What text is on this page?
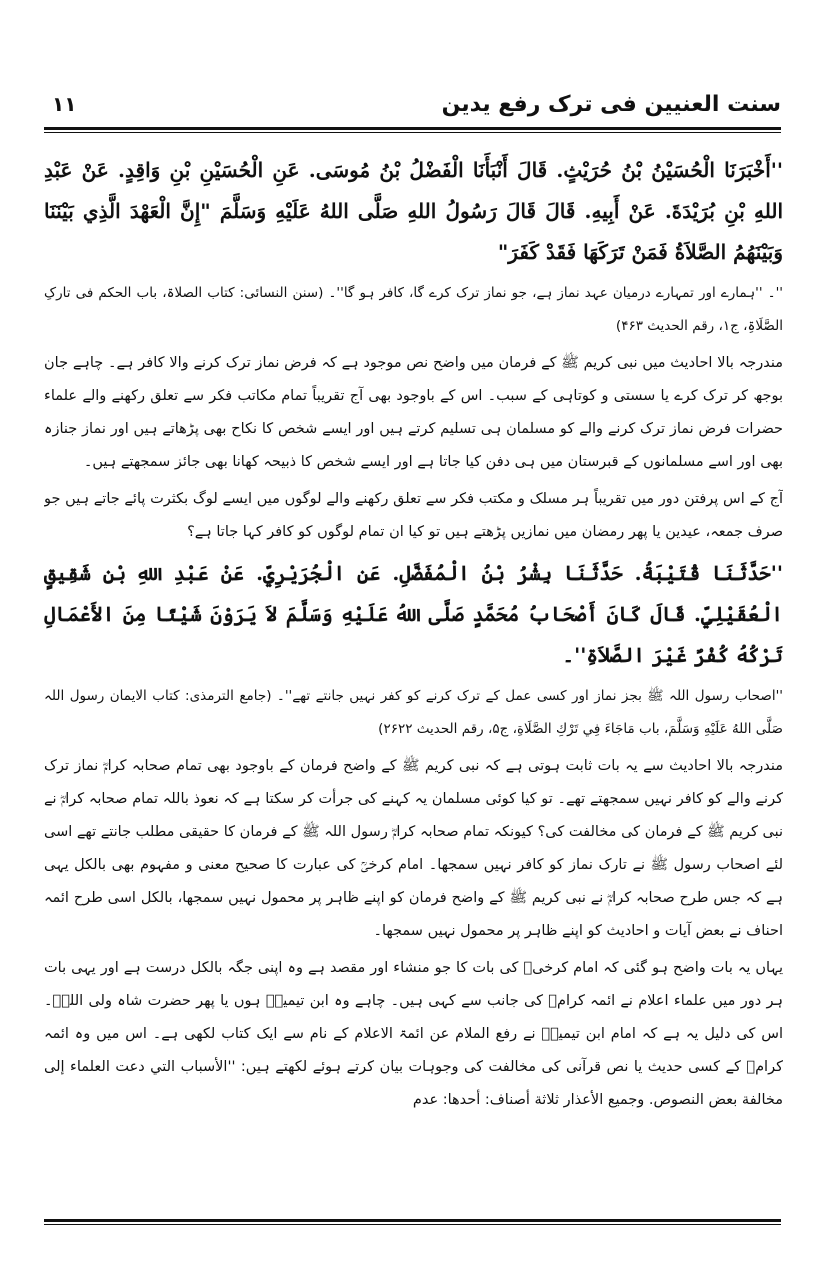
۱۱	سنت العنیین فی ترک رفع یدین

''أَخْبَرَنَا الْحُسَيْنُ بْنُ حُرَيْثٍ. قَالَ أَنْبَأَنَا الْفَضْلُ بْنُ مُوسَى. عَنِ الْحُسَيْنِ بْنِ وَاقِدٍ. عَنْ عَبْدِ اللهِ بْنِ بُرَيْدَةَ. عَنْ أَبِيهِ. قَالَ قَالَ رَسُولُ اللهِ صَلَّى اللهُ عَلَيْهِ وَسَلَّمَ "إِنَّ الْعَهْدَ الَّذِي بَيْنَنَا وَبَيْنَهُمُ الصَّلاَةُ فَمَنْ تَرَكَهَا فَقَدْ كَفَرَ"

''۔ ''ہمارے اور تمہارے درمیان عہد نماز ہے، جو نماز ترک کرے گا، کافر ہو گا''۔ (سنن النسائی: کتاب الصلاۃ، باب الحکم فی تارکِ الصَّلَاۃِ، ج۱، رقم الحدیث ۴۶۳)

مندرجہ بالا احادیث میں نبی کریم ﷺ کے فرمان میں واضح نص موجود ہے کہ فرض نماز ترک کرنے والا کافر ہے۔ چاہے جان بوجھ کر ترک کرے یا سستی و کوتاہی کے سبب۔ اس کے باوجود بھی آج تقریباً تمام مکاتب فکر سے تعلق رکھنے والے علماء حضرات فرض نماز ترک کرنے والے کو مسلمان ہی تسلیم کرتے ہیں اور ایسے شخص کا نکاح بھی پڑھاتے ہیں اور نماز جنازہ بھی اور اسے مسلمانوں کے قبرستان میں ہی دفن کیا جاتا ہے اور ایسے شخص کا ذبیحہ کھانا بھی جائز سمجھتے ہیں۔

آج کے اس پرفتن دور میں تقریباً ہر مسلک و مکتب فکر سے تعلق رکھنے والے لوگوں میں ایسے لوگ بکثرت پائے جاتے ہیں جو صرف جمعہ، عیدین یا پھر رمضان میں نمازیں پڑھتے ہیں تو کیا ان تمام لوگوں کو کافر کہا جاتا ہے؟

''حَدَّثَنَا قُتَيْبَةُ. حَدَّثَنَا بِشْرُ بْنُ الْمُفَضَّلِ. عَنِ الْجُرَيْرِيِّ. عَنْ عَبْدِ اللهِ بْنِ شَقِيقٍ الْعُقَيْلِيِّ. قَالَ كَانَ أَصْحَابُ مُحَمَّدٍ صَلَّى اللهُ عَلَيْهِ وَسَلَّمَ لاَ يَرَوْنَ شَيْئًا مِنَ الأَعْمَالِ تَرْكُهُ كُفْرٌ غَيْرَ الصَّلاَةِ''۔

''اصحاب رسول اللہ ﷺ بجز نماز اور کسی عمل کے ترک کرنے کو کفر نہیں جانتے تھے''۔ (جامع الترمذی: کتاب الایمان رسول اللہ صَلَّى اللهُ عَلَيْهِ وَسَلَّمَ، باب مَاجَاءَ فِي تَرْكِ الصَّلَاةِ، ج۵، رقم الحدیث ۲۶۲۲)

مندرجہ بالا احادیث سے یہ بات ثابت ہوتی ہے کہ نبی کریم ﷺ کے واضح فرمان کے باوجود بھی تمام صحابہ کرامؓ نماز ترک کرنے والے کو کافر نہیں سمجھتے تھے۔ تو کیا کوئی مسلمان یہ کہنے کی جرأت کر سکتا ہے کہ نعوذ باللہ تمام صحابہ کرامؓ نے نبی کریم ﷺ کے فرمان کی مخالفت کی؟ کیونکہ تمام صحابہ کرامؓ رسول اللہ ﷺ کے فرمان کا حقیقی مطلب جانتے تھے اسی لئے اصحاب رسول ﷺ نے تارک نماز کو کافر نہیں سمجھا۔ امام کرخیؒ کی عبارت کا صحیح معنی و مفہوم بھی بالکل یہی ہے کہ جس طرح صحابہ کرامؓ نے نبی کریم ﷺ کے واضح فرمان کو اپنے ظاہر پر محمول نہیں سمجھا، بالکل اسی طرح ائمہ احناف نے بعض آیات و احادیث کو اپنے ظاہر پر محمول نہیں سمجھا۔

یہاں یہ بات واضح ہو گئی کہ امام کرخیؒ کی بات کا جو منشاء اور مقصد ہے وہ اپنی جگہ بالکل درست ہے اور یہی بات ہر دور میں علماء اعلام نے ائمہ کرامؒ کی جانب سے کہی ہیں۔ چاہے وہ ابن تیمیہؒ ہوں یا پھر حضرت شاہ ولی اللہؒ۔ اس کی دلیل یہ ہے کہ امام ابن تیمیہؒ نے رفع الملام عن ائمۃ الاعلام کے نام سے ایک کتاب لکھی ہے۔ اس میں وہ ائمہ کرامؒ کے کسی حدیث یا نص قرآنی کی مخالفت کی وجوہات بیان کرتے ہوئے لکھتے ہیں: ''الأسباب التي دعت العلماء إلى مخالفة بعض النصوص. وجميع الأعذار ثلاثة أصناف: أحدها: عدم
